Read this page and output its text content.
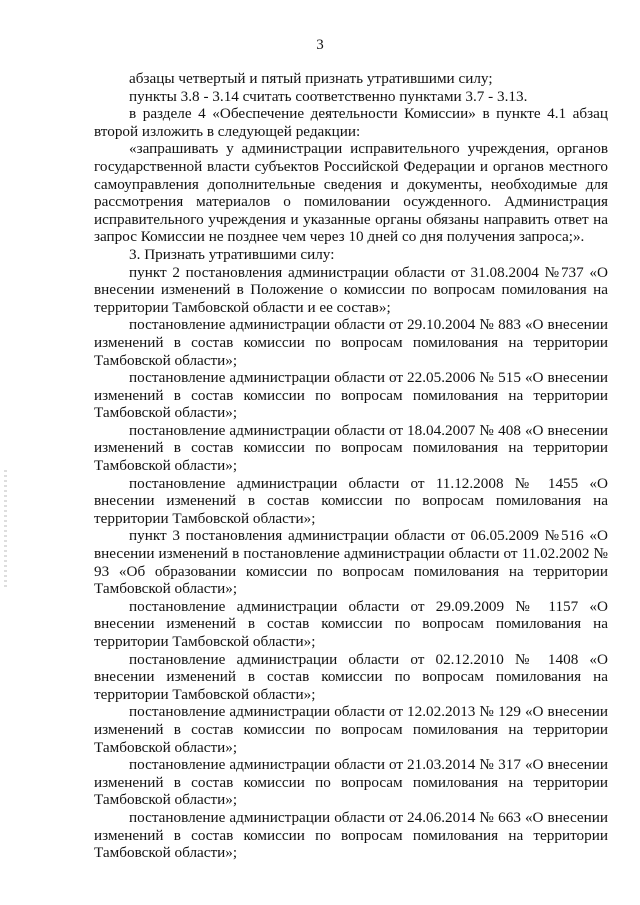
3

абзацы четвертый и пятый признать утратившими силу;

пункты 3.8 - 3.14 считать соответственно пунктами 3.7 - 3.13.

в разделе 4 «Обеспечение деятельности Комиссии» в пункте 4.1 абзац второй изложить в следующей редакции:

«запрашивать у администрации исправительного учреждения, органов государственной власти субъектов Российской Федерации и органов местного самоуправления дополнительные сведения и документы, необходимые для рассмотрения материалов о помиловании осужденного. Администрация исправительного учреждения и указанные органы обязаны направить ответ на запрос Комиссии не позднее чем через 10 дней со дня получения запроса;».

3. Признать утратившими силу:

пункт 2 постановления администрации области от 31.08.2004 №737 «О внесении изменений в Положение о комиссии по вопросам помилования на территории Тамбовской области и ее состав»;

постановление администрации области от 29.10.2004 № 883 «О внесении изменений в состав комиссии по вопросам помилования на территории Тамбовской области»;

постановление администрации области от 22.05.2006 № 515 «О внесении изменений в состав комиссии по вопросам помилования на территории Тамбовской области»;

постановление администрации области от 18.04.2007 № 408 «О внесении изменений в состав комиссии по вопросам помилования на территории Тамбовской области»;

постановление администрации области от 11.12.2008 № 1455 «О внесении изменений в состав комиссии по вопросам помилования на территории Тамбовской области»;

пункт 3 постановления администрации области от 06.05.2009 №516 «О внесении изменений в постановление администрации области от 11.02.2002 № 93 «Об образовании комиссии по вопросам помилования на территории Тамбовской области»;

постановление администрации области от 29.09.2009 № 1157 «О внесении изменений в состав комиссии по вопросам помилования на территории Тамбовской области»;

постановление администрации области от 02.12.2010 № 1408 «О внесении изменений в состав комиссии по вопросам помилования на территории Тамбовской области»;

постановление администрации области от 12.02.2013 № 129 «О внесении изменений в состав комиссии по вопросам помилования на территории Тамбовской области»;

постановление администрации области от 21.03.2014 № 317 «О внесении изменений в состав комиссии по вопросам помилования на территории Тамбовской области»;

постановление администрации области от 24.06.2014 № 663 «О внесении изменений в состав комиссии по вопросам помилования на территории Тамбовской области»;
